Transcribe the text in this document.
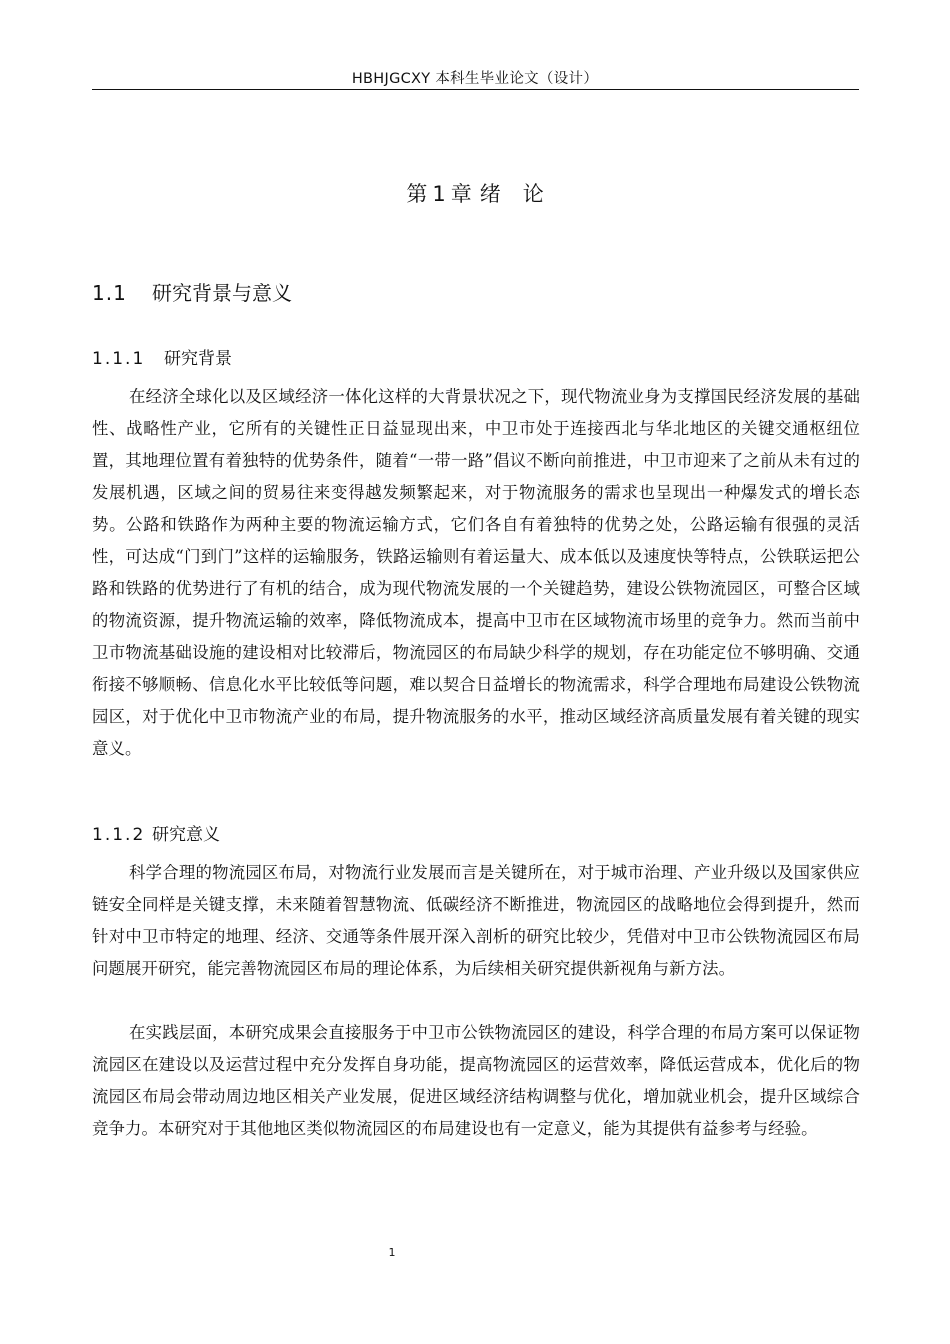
HBHJGCXY 本科生毕业论文（设计）
第 1 章 绪 论
1.1 研究背景与意义
1.1.1 研究背景

在经济全球化以及区域经济一体化这样的大背景状况之下，现代物流业身为支撑国民经济发展的基础性、战略性产业，它所有的关键性正日益显现出来，中卫市处于连接西北与华北地区的关键交通枢纽位置，其地理位置有着独特的优势条件，随着“一带一路”倡议不断向前推进，中卫市迎来了之前从未有过的发展机遇，区域之间的贸易往来变得越发频繁起来，对于物流服务的需求也呈现出一种爆发式的增长态势。公路和铁路作为两种主要的物流运输方式，它们各自有着独特的优势之处，公路运输有很强的灵活性，可达成“门到门”这样的运输服务，铁路运输则有着运量大、成本低以及速度快等特点，公铁联运把公路和铁路的优势进行了有机的结合，成为现代物流发展的一个关键趋势，建设公铁物流园区，可整合区域的物流资源，提升物流运输的效率，降低物流成本，提高中卫市在区域物流市场里的竞争力。然而当前中卫市物流基础设施的建设相对比较滞后，物流园区的布局缺少科学的规划，存在功能定位不够明确、交通衔接不够顺畅、信息化水平比较低等问题，难以契合日益增长的物流需求，科学合理地布局建设公铁物流园区，对于优化中卫市物流产业的布局，提升物流服务的水平，推动区域经济高质量发展有着关键的现实意义。

1.1.2 研究意义

科学合理的物流园区布局，对物流行业发展而言是关键所在，对于城市治理、产业升级以及国家供应链安全同样是关键支撑，未来随着智慧物流、低碳经济不断推进，物流园区的战略地位会得到提升，然而针对中卫市特定的地理、经济、交通等条件展开深入剖析的研究比较少，凭借对中卫市公铁物流园区布局问题展开研究，能完善物流园区布局的理论体系，为后续相关研究提供新视角与新方法。

在实践层面，本研究成果会直接服务于中卫市公铁物流园区的建设，科学合理的布局方案可以保证物流园区在建设以及运营过程中充分发挥自身功能，提高物流园区的运营效率，降低运营成本，优化后的物流园区布局会带动周边地区相关产业发展，促进区域经济结构调整与优化，增加就业机会，提升区域综合竞争力。本研究对于其他地区类似物流园区的布局建设也有一定意义，能为其提供有益参考与经验。

1
